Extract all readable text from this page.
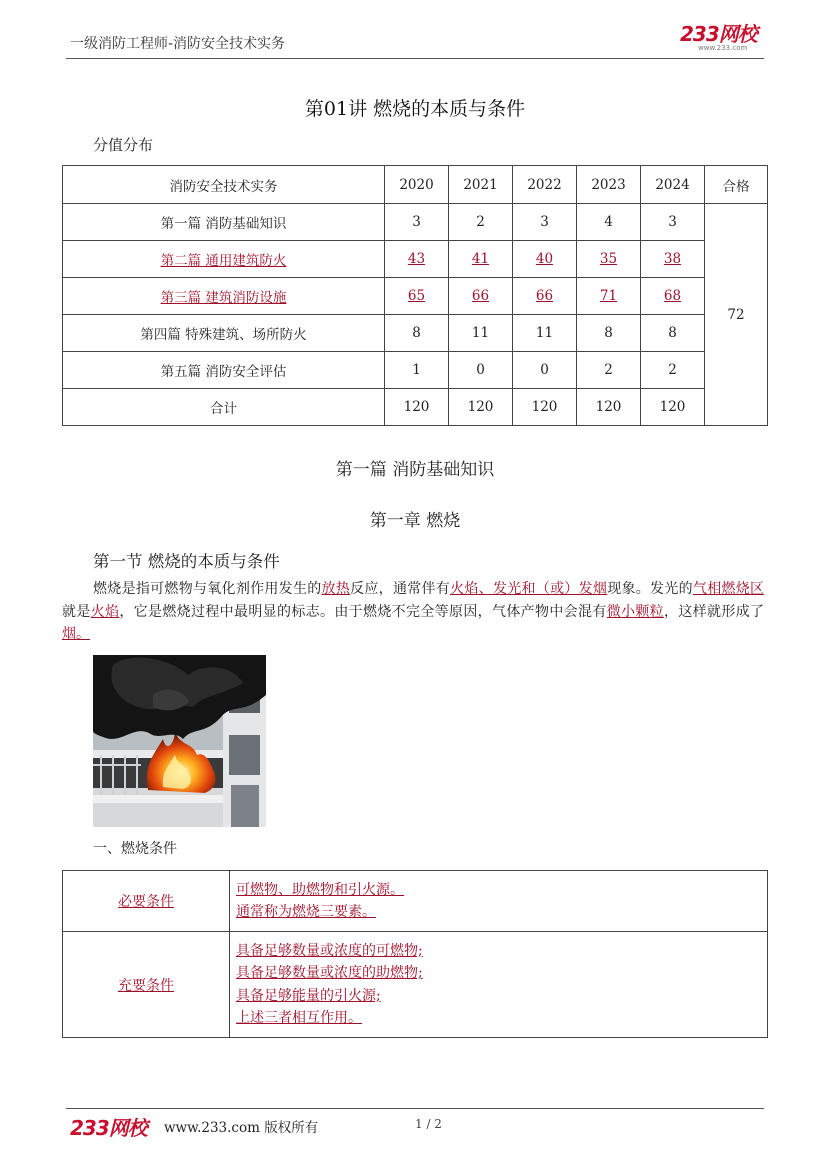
一级消防工程师-消防安全技术实务	233网校
www.233.com
第01讲 燃烧的本质与条件
分值分布
消防安全技术实务	2020	2021	2022	2023	2024	合格
第一篇 消防基础知识	3	2	3	4	3	72
第二篇 通用建筑防火	43	41	40	35	38	
第三篇 建筑消防设施	65	66	66	71	68	
第四篇 特殊建筑、场所防火	8	11	11	8	8	
第五篇 消防安全评估	1	0	0	2	2	
合计	120	120	120	120	120	
第一篇 消防基础知识
第一章 燃烧
第一节 燃烧的本质与条件
燃烧是指可燃物与氧化剂作用发生的放热反应，通常伴有火焰、发光和（或）发烟现象。发光的气相燃烧区就是火焰，它是燃烧过程中最明显的标志。由于燃烧不完全等原因，气体产物中会混有微小颗粒，这样就形成了烟。
一、燃烧条件
必要条件	可燃物、助燃物和引火源。
通常称为燃烧三要素。

充要条件	具备足够数量或浓度的可燃物;
具备足够数量或浓度的助燃物;
具备足够能量的引火源;
上述三者相互作用。
233网校 www.233.com 版权所有	1 / 2
